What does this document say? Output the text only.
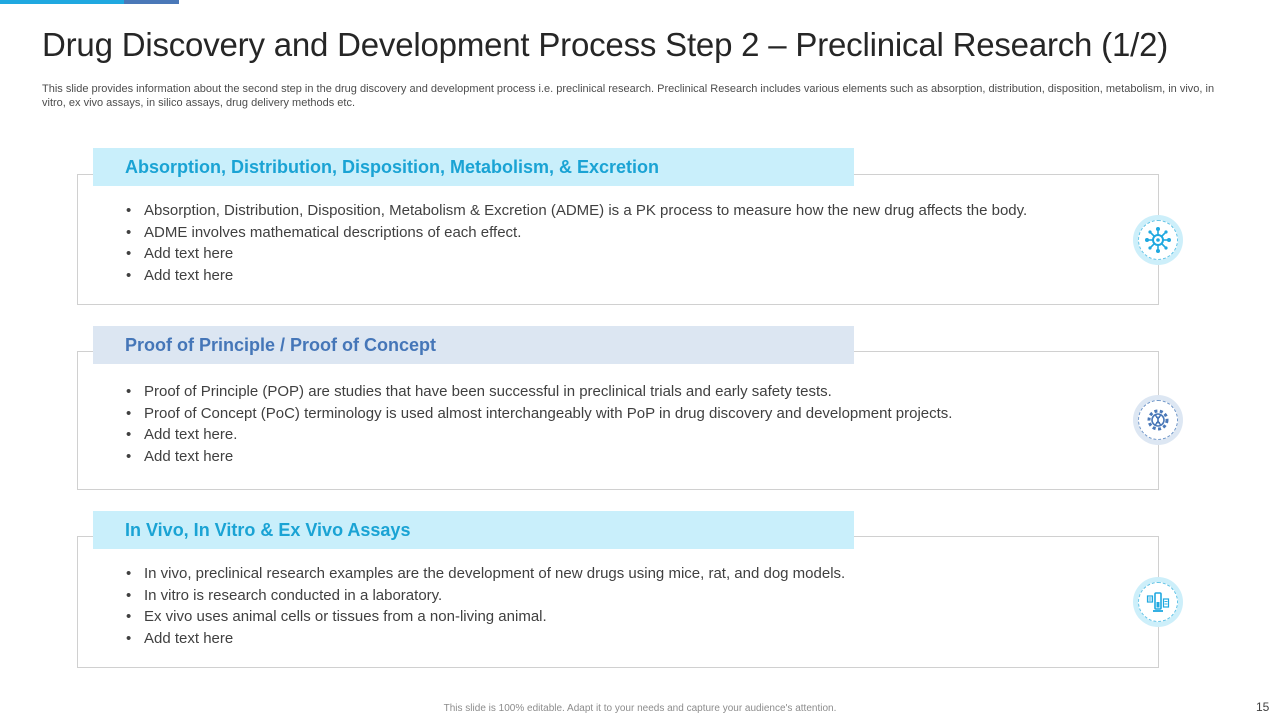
Drug Discovery and Development Process Step 2 – Preclinical Research (1/2)
This slide provides information about the second step in the drug discovery and development process i.e. preclinical research. Preclinical Research includes various elements such as absorption, distribution, disposition, metabolism, in vivo, in vitro, ex vivo assays, in silico assays, drug delivery methods etc.
Absorption, Distribution, Disposition, Metabolism, & Excretion
• Absorption, Distribution, Disposition, Metabolism & Excretion (ADME) is a PK process to measure how the new drug affects the body.
• ADME involves mathematical descriptions of each effect.
• Add text here
• Add text here
Proof of Principle / Proof of Concept
• Proof of Principle (POP) are studies that have been successful in preclinical trials and early safety tests.
• Proof of Concept (PoC) terminology is used almost interchangeably with PoP in drug discovery and development projects.
• Add text here.
• Add text here
In Vivo, In Vitro & Ex Vivo Assays
• In vivo, preclinical research examples are the development of new drugs using mice, rat, and dog models.
• In vitro is research conducted in a laboratory.
• Ex vivo uses animal cells or tissues from a non-living animal.
• Add text here
This slide is 100% editable. Adapt it to your needs and capture your audience's attention.	15
